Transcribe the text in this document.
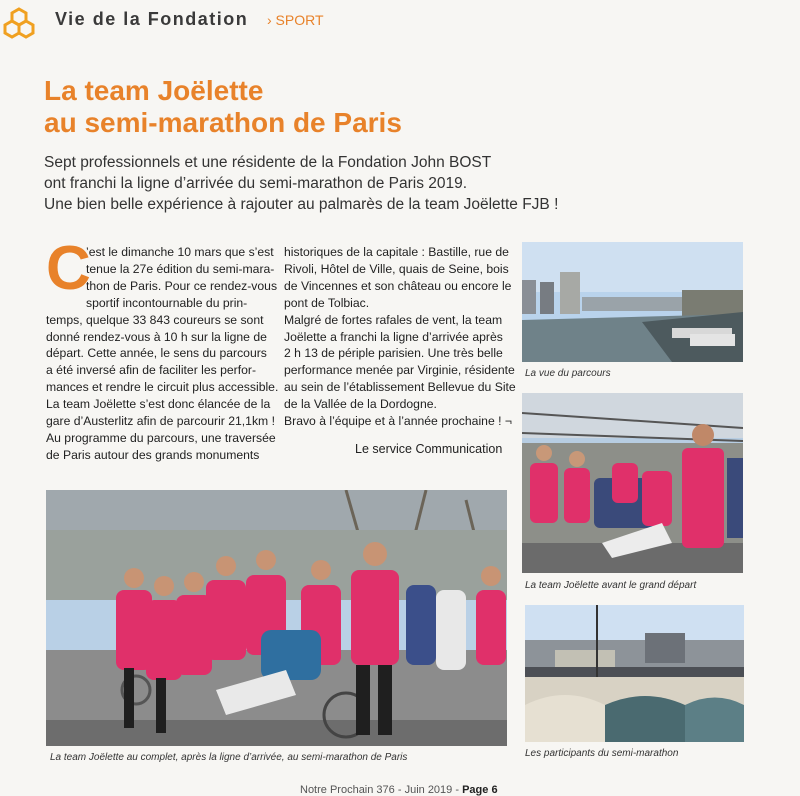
Vie de la Fondation › SPORT
La team Joëlette
au semi-marathon de Paris
Sept professionnels et une résidente de la Fondation John BOST
ont franchi la ligne d’arrivée du semi-marathon de Paris 2019.
Une bien belle expérience à rajouter au palmarès de la team Joëlette FJB !
C
’est le dimanche 10 mars que s’est
tenue la 27e édition du semi-mara-
thon de Paris. Pour ce rendez-vous
sportif incontournable du prin-
temps, quelque 33 843 coureurs se sont
donné rendez-vous à 10 h sur la ligne de
départ. Cette année, le sens du parcours
a été inversé afin de faciliter les perfor-
mances et rendre le circuit plus accessible.
La team Joëlette s’est donc élancée de la
gare d’Austerlitz afin de parcourir 21,1km !
Au programme du parcours, une traversée
de Paris autour des grands monuments
historiques de la capitale : Bastille, rue de
Rivoli, Hôtel de Ville, quais de Seine, bois
de Vincennes et son château ou encore le
pont de Tolbiac.
Malgré de fortes rafales de vent, la team
Joëlette a franchi la ligne d’arrivée après
2 h 13 de périple parisien. Une très belle
performance menée par Virginie, résidente
au sein de l’établissement Bellevue du Site
de la Vallée de la Dordogne.
Bravo à l’équipe et à l’année prochaine ! ¬
Le service Communication
La vue du parcours
La team Joëlette avant le grand départ
Les participants du semi-marathon
La team Joëlette au complet, après la ligne d’arrivée, au semi-marathon de Paris
Notre Prochain 376 - Juin 2019 - Page 6
